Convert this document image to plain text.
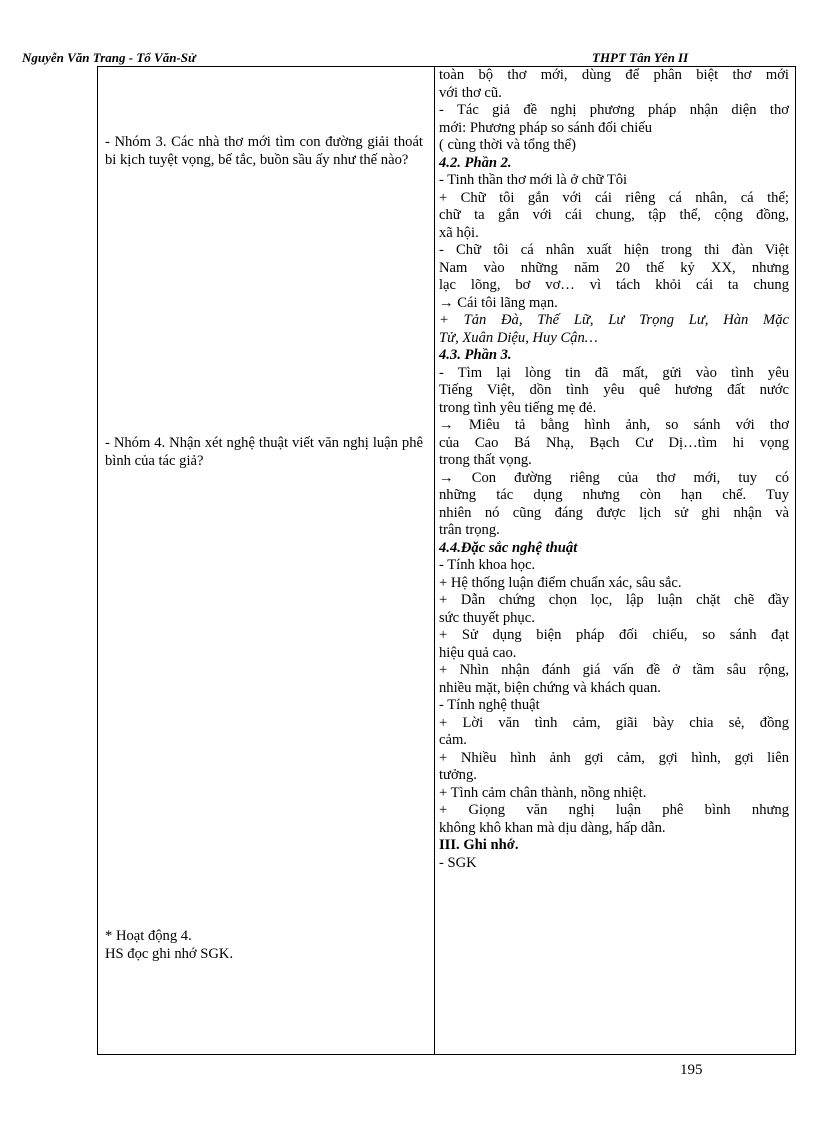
Nguyễn Văn Trang - Tổ Văn-Sử	THPT Tân Yên II

- Nhóm 3. Các nhà thơ mới tìm con đường giải thoát bi kịch tuyệt vọng, bế tắc, buồn sầu ấy như thế nào?

- Nhóm 4. Nhận xét nghệ thuật viết văn nghị luận phê bình của tác giả?

* Hoạt động 4.
HS đọc ghi nhớ SGK.
toàn bộ thơ mới, dùng để phân biệt thơ mới
với thơ cũ.
- Tác giả đề nghị phương pháp nhận diện thơ
mới: Phương pháp so sánh đối chiếu
( cùng thời và tổng thể)
4.2. Phần 2.
- Tinh thần thơ mới là ở chữ Tôi
+ Chữ tôi gắn với cái riêng cá nhân, cá thể;
chữ ta gắn với cái chung, tập thể, cộng đồng,
xã hội.
- Chữ tôi cá nhân xuất hiện trong thi đàn Việt
Nam vào những năm 20 thế kỷ XX, nhưng
lạc lõng, bơ vơ… vì tách khỏi cái ta chung
→ Cái tôi lãng mạn.
+ Tản Đà, Thế Lữ, Lư Trọng Lư, Hàn Mặc
Tử, Xuân Diệu, Huy Cận…
4.3. Phần 3.
- Tìm lại lòng tin đã mất, gửi vào tình yêu
Tiếng Việt, dồn tình yêu quê hương đất nước
trong tình yêu tiếng mẹ đẻ.
→ Miêu tả bằng hình ảnh, so sánh với thơ
của Cao Bá Nhạ, Bạch Cư Dị…tìm hi vọng
trong thất vọng.
→ Con đường riêng của thơ mới, tuy có
những tác dụng nhưng còn hạn chế. Tuy
nhiên nó cũng đáng được lịch sử ghi nhận và
trân trọng.
4.4.Đặc sắc nghệ thuật
- Tính khoa học.
+ Hệ thống luận điểm chuẩn xác, sâu sắc.
+ Dẫn chứng chọn lọc, lập luận chặt chẽ đầy
sức thuyết phục.
+ Sử dụng biện pháp đối chiếu, so sánh đạt
hiệu quả cao.
+ Nhìn nhận đánh giá vấn đề ở tầm sâu rộng,
nhiều mặt, biện chứng và khách quan.
- Tính nghệ thuật
+ Lời văn tình cảm, giãi bày chia sẻ, đồng
cảm.
+ Nhiều hình ảnh gợi cảm, gợi hình, gợi liên
tưởng.
+ Tình cảm chân thành, nồng nhiệt.
+ Giọng văn nghị luận phê bình nhưng
không khô khan mà dịu dàng, hấp dẫn.
III. Ghi nhớ.
- SGK
195
